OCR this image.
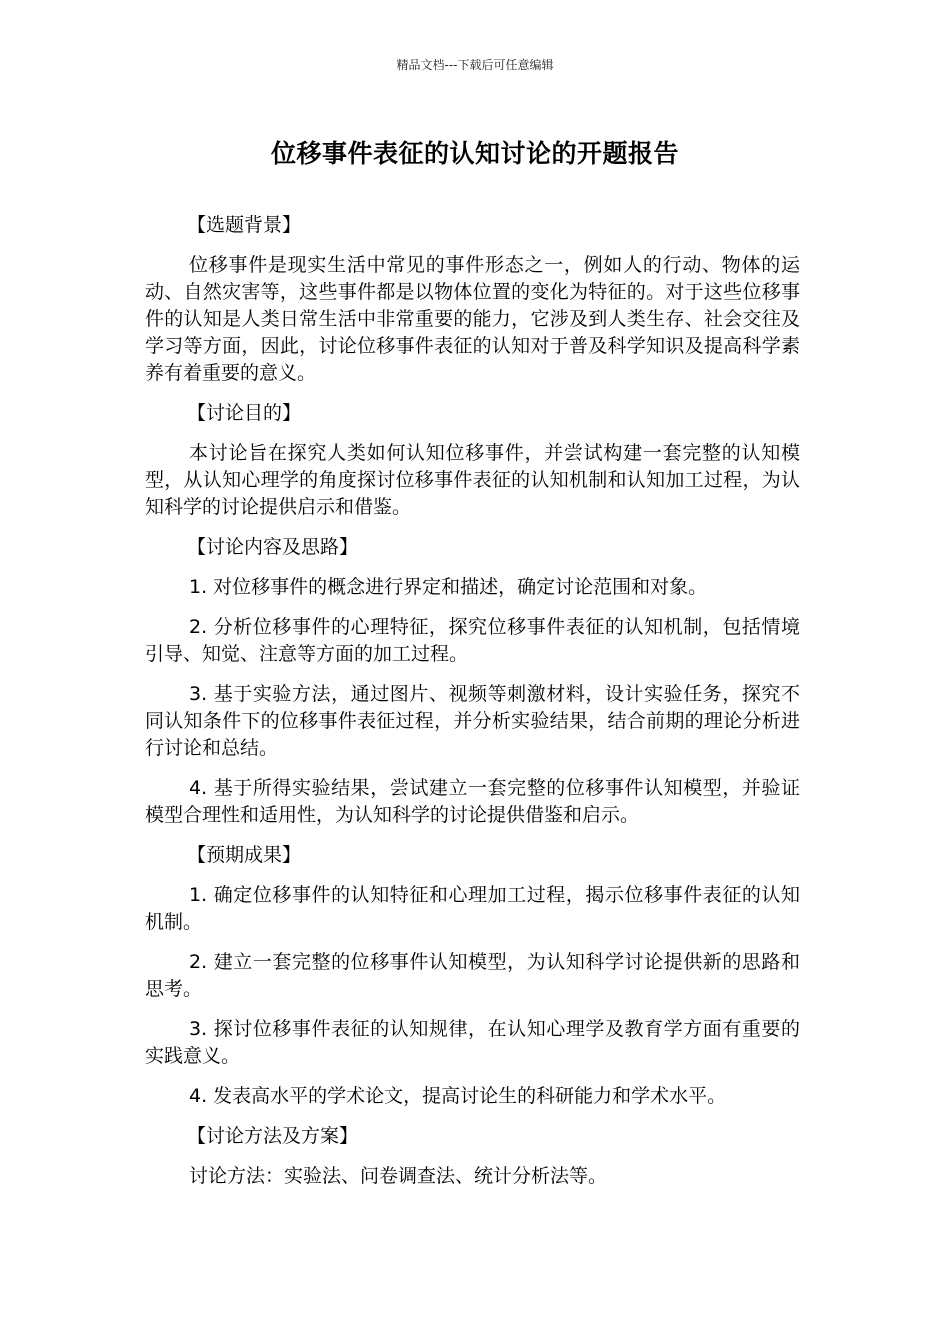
精品文档---下载后可任意编辑
位移事件表征的认知讨论的开题报告

【选题背景】

位移事件是现实生活中常见的事件形态之一，例如人的行动、物体的运动、自然灾害等，这些事件都是以物体位置的变化为特征的。对于这些位移事件的认知是人类日常生活中非常重要的能力，它涉及到人类生存、社会交往及学习等方面，因此，讨论位移事件表征的认知对于普及科学知识及提高科学素养有着重要的意义。

【讨论目的】

本讨论旨在探究人类如何认知位移事件，并尝试构建一套完整的认知模型，从认知心理学的角度探讨位移事件表征的认知机制和认知加工过程，为认知科学的讨论提供启示和借鉴。

【讨论内容及思路】

1. 对位移事件的概念进行界定和描述，确定讨论范围和对象。

2. 分析位移事件的心理特征，探究位移事件表征的认知机制，包括情境引导、知觉、注意等方面的加工过程。

3. 基于实验方法，通过图片、视频等刺激材料，设计实验任务，探究不同认知条件下的位移事件表征过程，并分析实验结果，结合前期的理论分析进行讨论和总结。

4. 基于所得实验结果，尝试建立一套完整的位移事件认知模型，并验证模型合理性和适用性，为认知科学的讨论提供借鉴和启示。

【预期成果】

1. 确定位移事件的认知特征和心理加工过程，揭示位移事件表征的认知机制。

2. 建立一套完整的位移事件认知模型，为认知科学讨论提供新的思路和思考。

3. 探讨位移事件表征的认知规律，在认知心理学及教育学方面有重要的实践意义。

4. 发表高水平的学术论文，提高讨论生的科研能力和学术水平。

【讨论方法及方案】

讨论方法：实验法、问卷调查法、统计分析法等。
